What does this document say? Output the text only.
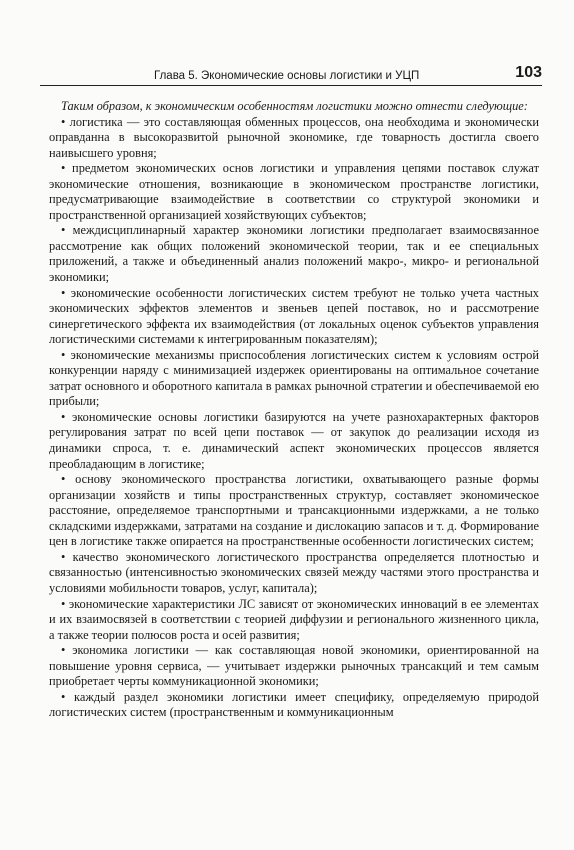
Глава 5. Экономические основы логистики и УЦП	103

Таким образом, к экономическим особенностям логистики можно отнести следующие:

• логистика — это составляющая обменных процессов, она необходима и экономически оправданна в высокоразвитой рыночной экономике, где товарность достигла своего наивысшего уровня;

• предметом экономических основ логистики и управления цепями поставок служат экономические отношения, возникающие в экономическом пространстве логистики, предусматривающие взаимодействие в соответствии со структурой экономики и пространственной организацией хозяйствующих субъектов;

• междисциплинарный характер экономики логистики предполагает взаимосвязанное рассмотрение как общих положений экономической теории, так и ее специальных приложений, а также и объединенный анализ положений макро-, микро- и региональной экономики;

• экономические особенности логистических систем требуют не только учета частных экономических эффектов элементов и звеньев цепей поставок, но и рассмотрение синергетического эффекта их взаимодействия (от локальных оценок субъектов управления логистическими системами к интегрированным показателям);

• экономические механизмы приспособления логистических систем к условиям острой конкуренции наряду с минимизацией издержек ориентированы на оптимальное сочетание затрат основного и оборотного капитала в рамках рыночной стратегии и обеспечиваемой ею прибыли;

• экономические основы логистики базируются на учете разнохарактерных факторов регулирования затрат по всей цепи поставок — от закупок до реализации исходя из динамики спроса, т. е. динамический аспект экономических процессов является преобладающим в логистике;

• основу экономического пространства логистики, охватывающего разные формы организации хозяйств и типы пространственных структур, составляет экономическое расстояние, определяемое транспортными и трансакционными издержками, а не только складскими издержками, затратами на создание и дислокацию запасов и т. д. Формирование цен в логистике также опирается на пространственные особенности логистических систем;

• качество экономического логистического пространства определяется плотностью и связанностью (интенсивностью экономических связей между частями этого пространства и условиями мобильности товаров, услуг, капитала);

• экономические характеристики ЛС зависят от экономических инноваций в ее элементах и их взаимосвязей в соответствии с теорией диффузии и регионального жизненного цикла, а также теории полюсов роста и осей развития;

• экономика логистики — как составляющая новой экономики, ориентированной на повышение уровня сервиса, — учитывает издержки рыночных трансакций и тем самым приобретает черты коммуникационной экономики;

• каждый раздел экономики логистики имеет специфику, определяемую природой логистических систем (пространственным и коммуникационным
